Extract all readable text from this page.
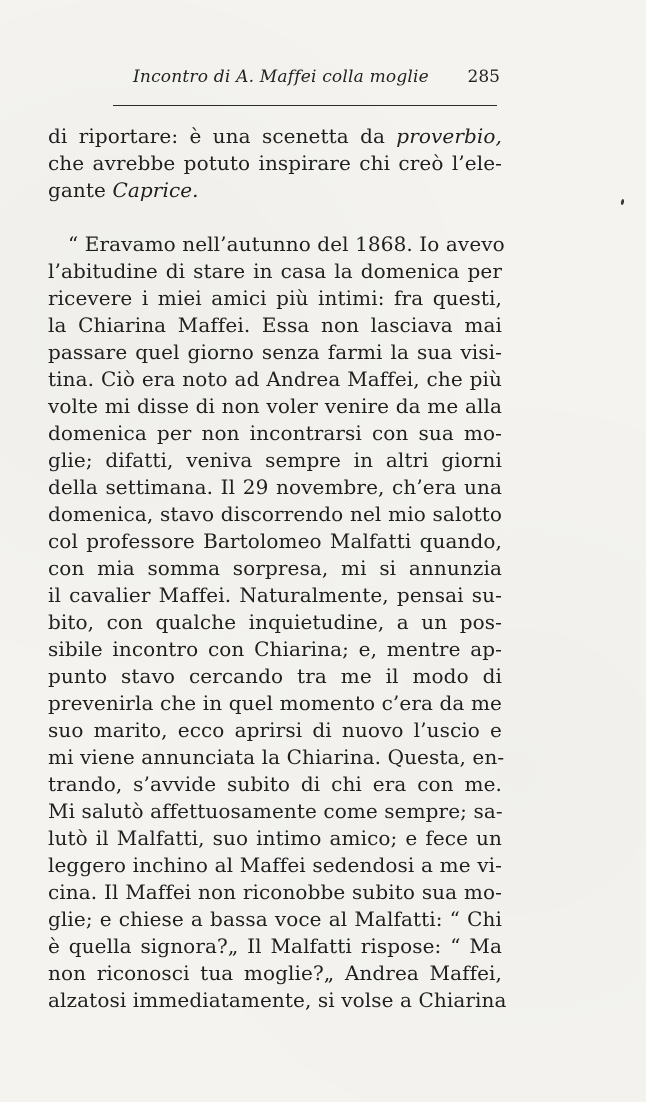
Incontro di A. Maffei colla moglie 285
di riportare: è una scenetta da proverbio,
che avrebbe potuto inspirare chi creò l’ele-
gante Caprice.
“ Eravamo nell’autunno del 1868. Io avevo
l’abitudine di stare in casa la domenica per
ricevere i miei amici più intimi: fra questi,
la Chiarina Maffei. Essa non lasciava mai
passare quel giorno senza farmi la sua visi-
tina. Ciò era noto ad Andrea Maffei, che più
volte mi disse di non voler venire da me alla
domenica per non incontrarsi con sua mo-
glie; difatti, veniva sempre in altri giorni
della settimana. Il 29 novembre, ch’era una
domenica, stavo discorrendo nel mio salotto
col professore Bartolomeo Malfatti quando,
con mia somma sorpresa, mi si annunzia
il cavalier Maffei. Naturalmente, pensai su-
bito, con qualche inquietudine, a un pos-
sibile incontro con Chiarina; e, mentre ap-
punto stavo cercando tra me il modo di
prevenirla che in quel momento c’era da me
suo marito, ecco aprirsi di nuovo l’uscio e
mi viene annunciata la Chiarina. Questa, en-
trando, s’avvide subito di chi era con me.
Mi salutò affettuosamente come sempre; sa-
lutò il Malfatti, suo intimo amico; e fece un
leggero inchino al Maffei sedendosi a me vi-
cina. Il Maffei non riconobbe subito sua mo-
glie; e chiese a bassa voce al Malfatti: “ Chi
è quella signora?„ Il Malfatti rispose: “ Ma
non riconosci tua moglie?„ Andrea Maffei,
alzatosi immediatamente, si volse a Chiarina
